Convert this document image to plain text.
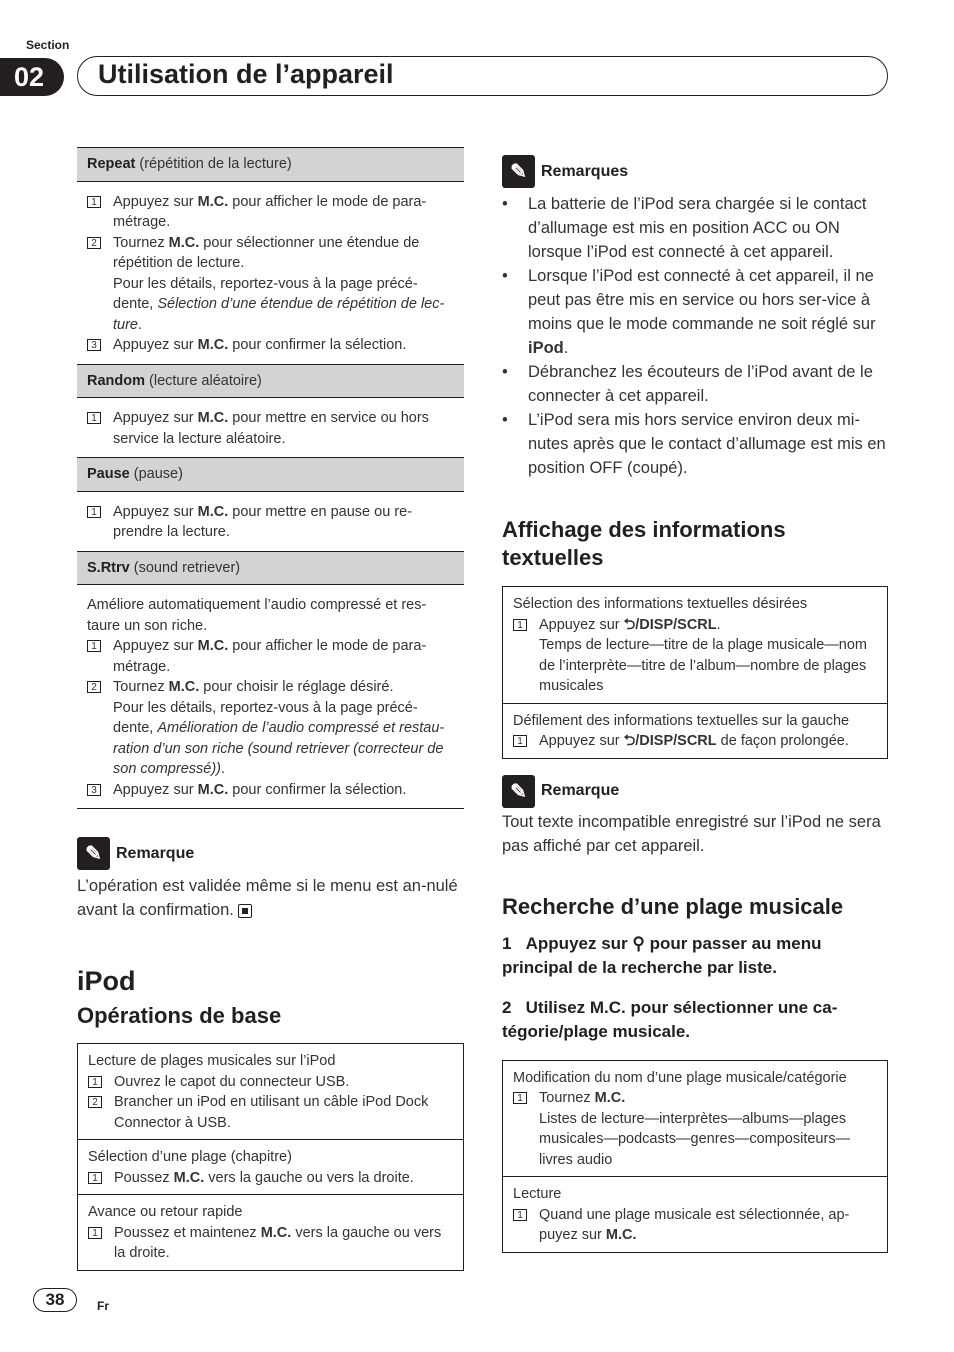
Section
02	Utilisation de l’appareil
Repeat (répétition de la lecture)
1 Appuyez sur M.C. pour afficher le mode de para-métrage.
2 Tournez M.C. pour sélectionner une étendue de répétition de lecture.
Pour les détails, reportez-vous à la page précé-dente, Sélection d’une étendue de répétition de lec-ture.
3 Appuyez sur M.C. pour confirmer la sélection.
Random (lecture aléatoire)
1 Appuyez sur M.C. pour mettre en service ou hors service la lecture aléatoire.
Pause (pause)
1 Appuyez sur M.C. pour mettre en pause ou re-prendre la lecture.
S.Rtrv (sound retriever)
Améliore automatiquement l’audio compressé et res-taure un son riche.
1 Appuyez sur M.C. pour afficher le mode de para-métrage.
2 Tournez M.C. pour choisir le réglage désiré.
Pour les détails, reportez-vous à la page précé-dente, Amélioration de l’audio compressé et restau-ration d’un son riche (sound retriever (correcteur de son compressé)).
3 Appuyez sur M.C. pour confirmer la sélection.
✎ Remarque
L’opération est validée même si le menu est an-nulé avant la confirmation.
iPod
Opérations de base
Lecture de plages musicales sur l’iPod
1 Ouvrez le capot du connecteur USB.
2 Brancher un iPod en utilisant un câble iPod Dock Connector à USB.
Sélection d’une plage (chapitre)
1 Poussez M.C. vers la gauche ou vers la droite.
Avance ou retour rapide
1 Poussez et maintenez M.C. vers la gauche ou vers la droite.
✎ Remarques
• La batterie de l’iPod sera chargée si le contact d’allumage est mis en position ACC ou ON lorsque l’iPod est connecté à cet appareil.
• Lorsque l’iPod est connecté à cet appareil, il ne peut pas être mis en service ou hors ser-vice à moins que le mode commande ne soit réglé sur iPod.
• Débranchez les écouteurs de l’iPod avant de le connecter à cet appareil.
• L’iPod sera mis hors service environ deux mi-nutes après que le contact d’allumage est mis en position OFF (coupé).
Affichage des informations textuelles
Sélection des informations textuelles désirées
1 Appuyez sur ⮌/DISP/SCRL.
Temps de lecture—titre de la plage musicale—nom de l’interprète—titre de l’album—nombre de plages musicales
Défilement des informations textuelles sur la gauche
1 Appuyez sur ⮌/DISP/SCRL de façon prolongée.
✎ Remarque
Tout texte incompatible enregistré sur l’iPod ne sera pas affiché par cet appareil.
Recherche d’une plage musicale
1 Appuyez sur ⚲ pour passer au menu principal de la recherche par liste.
2 Utilisez M.C. pour sélectionner une ca-tégorie/plage musicale.
Modification du nom d’une plage musicale/catégorie
1 Tournez M.C.
Listes de lecture—interprètes—albums—plages musicales—podcasts—genres—compositeurs—livres audio
Lecture
1 Quand une plage musicale est sélectionnée, ap-puyez sur M.C.
38	Fr
